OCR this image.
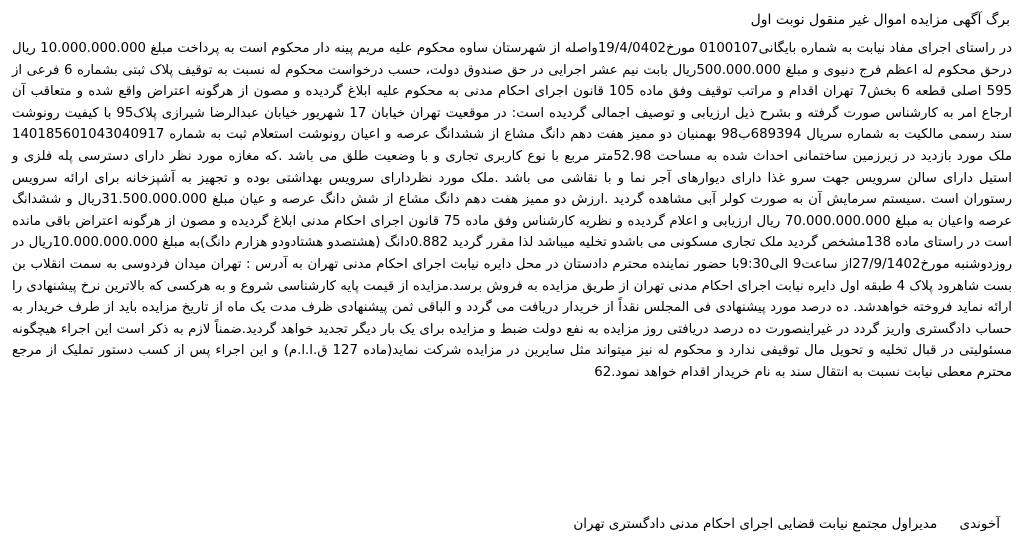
برگ آگهی مزایده اموال غیر منقول نوبت اول

در راستای اجرای مفاد نیابت به شماره بایگانی0100107 مورخ19/4/0402واصله از شهرستان ساوه محکوم علیه مریم پینه دار محکوم است به پرداخت مبلغ 10.000.000.000 ریال درحق محکوم له اعظم فرج دنیوی و مبلغ 500.000.000ریال بابت نیم عشر اجرایی در حق صندوق دولت، حسب درخواست محکوم له نسبت به توقیف پلاک ثبتی بشماره 6 فرعی از 595 اصلی قطعه 6 بخش7 تهران اقدام و مراتب توقیف وفق ماده 105 قانون اجرای احکام مدنی به محکوم علیه ابلاغ گردیده و مصون از هرگونه اعتراض واقع شده و متعاقب آن ارجاع امر به کارشناس صورت گرفته و بشرح ذیل ارزیابی و توصیف اجمالی گردیده است: در موقعیت تهران خیابان 17 شهریور خیابان عبدالرضا شیرازی پلاک95 با کیفیت رونوشت سند رسمی مالکیت به شماره سریال 689394ب98 بهمنیان دو ممیز هفت دهم دانگ مشاع از ششدانگ عرصه و اعیان رونوشت استعلام ثبت به شماره 140185601043040917 ملک مورد بازدید در زیرزمین ساختمانی احداث شده به مساحت 52.98متر مربع با نوع کاربری تجاری و با وضعیت طلق می باشد .که مغازه مورد نظر دارای دسترسی پله فلزی و استیل دارای سالن سرویس جهت سرو غذا دارای دیوارهای آجر نما و با نقاشی می باشد .ملک مورد نظردارای سرویس بهداشتی بوده و تجهیز به آشپزخانه برای ارائه سرویس رستوران است .سیستم سرمایش آن به صورت کولر آبی مشاهده گردید .ارزش دو ممیز هفت دهم دانگ مشاع از شش دانگ عرصه و عیان مبلغ 31.500.000.000ریال و ششدانگ عرصه واعیان به مبلغ 70.000.000.000 ریال ارزیابی و اعلام گردیده و نظریه کارشناس وفق ماده 75 قانون اجرای احکام مدنی ابلاغ گردیده و مصون از هرگونه اعتراض باقی مانده است در راستای ماده 138مشخص گردید ملک تجاری مسکونی می باشدو تخلیه میباشد لذا مقرر گردید 0.882دانگ (هشتصدو هشتادودو هزارم دانگ)به مبلغ 10.000.000.000ریال در روزدوشنبه مورخ27/9/1402از ساعت9 الی9:30با حضور نماینده محترم دادستان در محل دایره نیابت اجرای احکام مدنی تهران به آدرس : تهران میدان فردوسی به سمت انقلاب بن بست شاهرود پلاک 4 طبقه اول دایره نیابت اجرای احکام مدنی تهران از طریق مزایده به فروش برسد.مزایده از قیمت پایه کارشناسی شروع و به هرکسی که بالاترین نرخ پیشنهادی را ارائه نماید فروخته خواهدشد. ده درصد مورد پیشنهادی فی المجلس نقداً از خریدار دریافت می گردد و الباقی ثمن پیشنهادی ظرف مدت یک ماه از تاریخ مزایده باید از طرف خریدار به حساب دادگستری واریز گردد در غیراینصورت ده درصد دریافتی روز مزایده به نفع دولت ضبط و مزایده برای یک بار دیگر تجدید خواهد گردید.ضمناً لازم به ذکر است این اجراء هیچگونه مسئولیتی در قبال تخلیه و تحویل مال توقیفی ندارد و محکوم له نیز میتواند مثل سایرین در مزایده شرکت نماید(ماده 127 ق.ا.ا.م) و این اجراء پس از کسب دستور تملیک از مرجع محترم معطی نیابت نسبت به انتقال سند به نام خریدار اقدام خواهد نمود.62

آخوندی مدیراول مجتمع نیابت قضایی اجرای احکام مدنی دادگستری تهران
